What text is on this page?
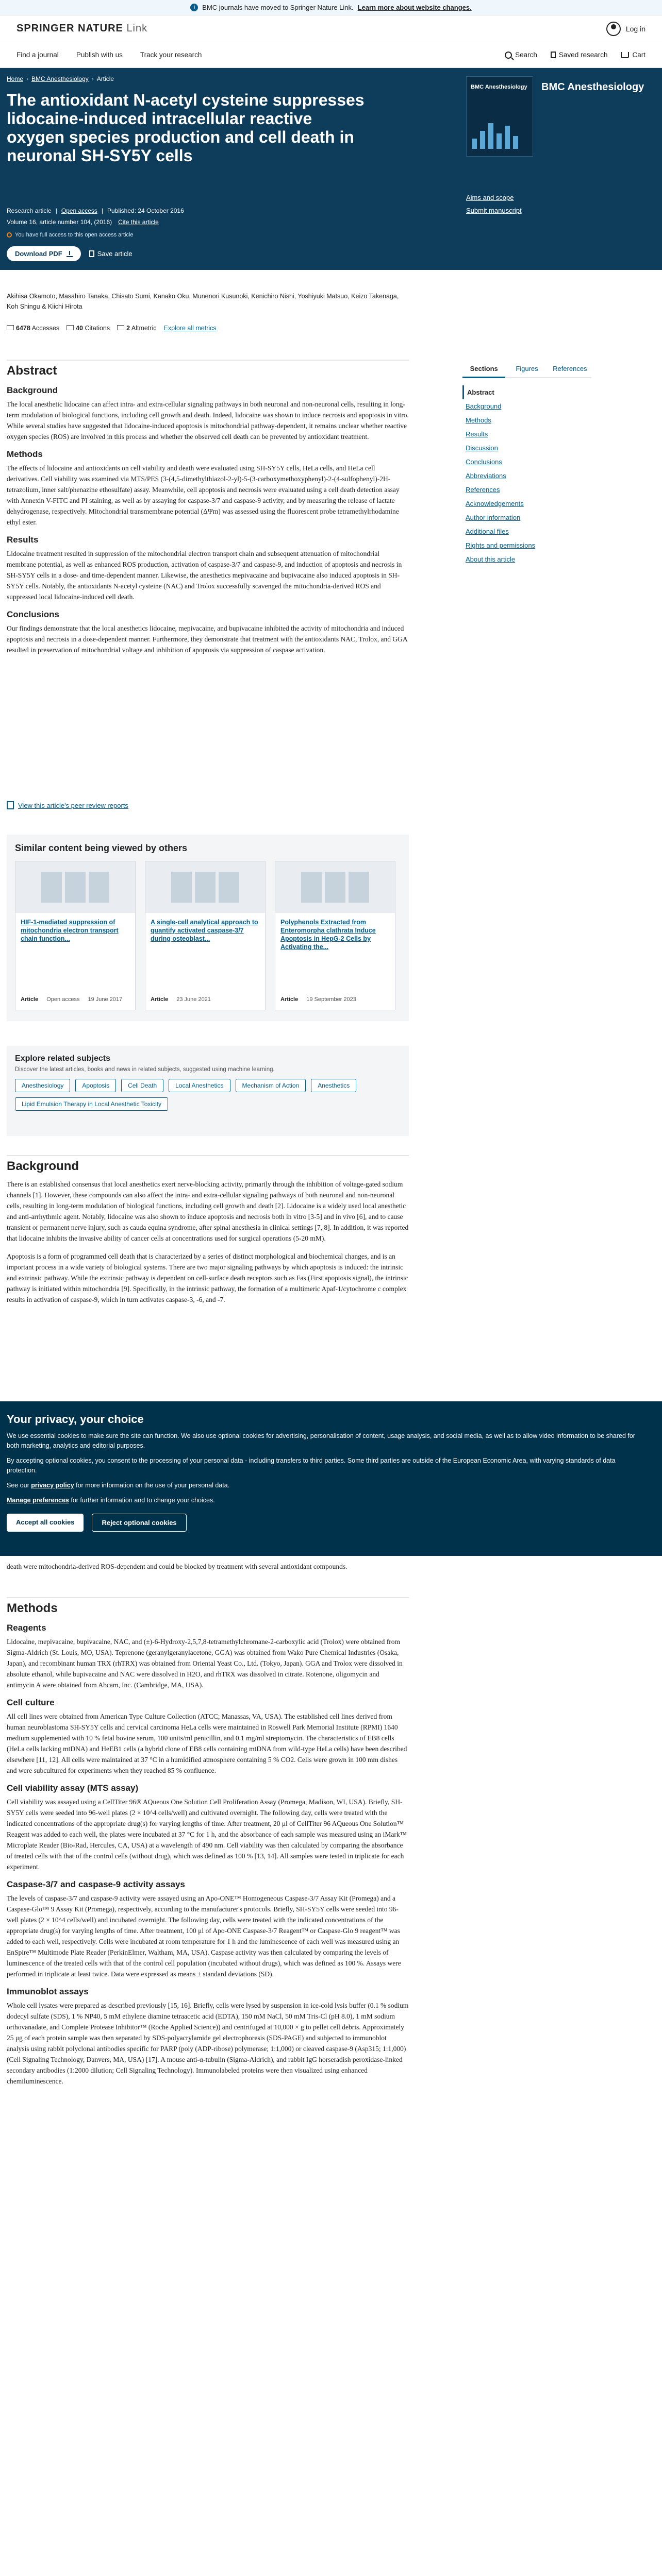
i	BMC journals have moved to Springer Nature Link. Learn more about website changes.
SPRINGER NATURE Link	Log in
Find a journal	Publish with us	Track your research	Search	Saved research	Cart
Home › BMC Anesthesiology › Article
The antioxidant N-acetyl cysteine suppresses lidocaine-induced intracellular reactive oxygen species production and cell death in neuronal SH-SY5Y cells
Research article | Open access | Published: 24 October 2016
Volume 16, article number 104, (2016) Cite this article
You have full access to this open access article
Download PDF	Save article
BMC Anesthesiology BMC Anesthesiology
Aims and scope
Submit manuscript
Akihisa Okamoto, Masahiro Tanaka, Chisato Sumi, Kanako Oku, Munenori Kusunoki, Kenichiro Nishi, Yoshiyuki Matsuo, Keizo Takenaga, Koh Shingu & Kiichi Hirota
6478 Accesses	40 Citations	2 Altmetric Explore all metrics
Abstract
Background

The local anesthetic lidocaine can affect intra- and extra-cellular signaling pathways in both neuronal and non-neuronal cells, resulting in long-term modulation of biological functions, including cell growth and death. Indeed, lidocaine was shown to induce necrosis and apoptosis in vitro. While several studies have suggested that lidocaine-induced apoptosis is mitochondrial pathway-dependent, it remains unclear whether reactive oxygen species (ROS) are involved in this process and whether the observed cell death can be prevented by antioxidant treatment.

Methods

The effects of lidocaine and antioxidants on cell viability and death were evaluated using SH-SY5Y cells, HeLa cells, and HeLa cell derivatives. Cell viability was examined via MTS/PES (3-(4,5-dimethylthiazol-2-yl)-5-(3-carboxymethoxyphenyl)-2-(4-sulfophenyl)-2H-tetrazolium, inner salt/phenazine ethosulfate) assay. Meanwhile, cell apoptosis and necrosis were evaluated using a cell death detection assay with Annexin V-FITC and PI staining, as well as by assaying for caspase-3/7 and caspase-9 activity, and by measuring the release of lactate dehydrogenase, respectively. Mitochondrial transmembrane potential (ΔΨm) was assessed using the fluorescent probe tetramethylrhodamine ethyl ester.

Results

Lidocaine treatment resulted in suppression of the mitochondrial electron transport chain and subsequent attenuation of mitochondrial membrane potential, as well as enhanced ROS production, activation of caspase-3/7 and caspase-9, and induction of apoptosis and necrosis in SH-SY5Y cells in a dose- and time-dependent manner. Likewise, the anesthetics mepivacaine and bupivacaine also induced apoptosis in SH-SY5Y cells. Notably, the antioxidants N-acetyl cysteine (NAC) and Trolox successfully scavenged the mitochondria-derived ROS and suppressed local lidocaine-induced cell death.

Conclusions

Our findings demonstrate that the local anesthetics lidocaine, mepivacaine, and bupivacaine inhibited the activity of mitochondria and induced apoptosis and necrosis in a dose-dependent manner. Furthermore, they demonstrate that treatment with the antioxidants NAC, Trolox, and GGA resulted in preservation of mitochondrial voltage and inhibition of apoptosis via suppression of caspase activation.

Sections	Figures	References
Abstract
Background
Methods
Results
Discussion
Conclusions
Abbreviations
References
Acknowledgements
Author information
Additional files
Rights and permissions
About this article
View this article's peer review reports
Similar content being viewed by others
HIF-1-mediated suppression of mitochondria electron transport chain function...
Article Open access 19 June 2017
A single-cell analytical approach to quantify activated caspase-3/7 during osteoblast...
Article 23 June 2021
Polyphenols Extracted from Enteromorpha clathrata Induce Apoptosis in HepG-2 Cells by Activating the...
Article 19 September 2023
Explore related subjects
Discover the latest articles, books and news in related subjects, suggested using machine learning.
Anesthesiology	Apoptosis	Cell Death	Local Anesthetics	Mechanism of Action	Anesthetics
Lipid Emulsion Therapy in Local Anesthetic Toxicity
Background

There is an established consensus that local anesthetics exert nerve-blocking activity, primarily through the inhibition of voltage-gated sodium channels [1]. However, these compounds can also affect the intra- and extra-cellular signaling pathways of both neuronal and non-neuronal cells, resulting in long-term modulation of biological functions, including cell growth and death [2]. Lidocaine is a widely used local anesthetic and anti-arrhythmic agent. Notably, lidocaine was also shown to induce apoptosis and necrosis both in vitro [3-5] and in vivo [6], and to cause transient or permanent nerve injury, such as cauda equina syndrome, after spinal anesthesia in clinical settings [7, 8]. In addition, it was reported that lidocaine inhibits the invasive ability of cancer cells at concentrations used for surgical operations (5-20 mM).

Apoptosis is a form of programmed cell death that is characterized by a series of distinct morphological and biochemical changes, and is an important process in a wide variety of biological systems. There are two major signaling pathways by which apoptosis is induced: the intrinsic and extrinsic pathway. While the extrinsic pathway is dependent on cell-surface death receptors such as Fas (First apoptosis signal), the intrinsic pathway is initiated within mitochondria [9]. Specifically, in the intrinsic pathway, the formation of a multimeric Apaf-1/cytochrome c complex results in activation of caspase-9, which in turn activates caspase-3, -6, and -7.

Your privacy, your choice

We use essential cookies to make sure the site can function. We also use optional cookies for advertising, personalisation of content, usage analysis, and social media, as well as to allow video information to be shared for both marketing, analytics and editorial purposes.

By accepting optional cookies, you consent to the processing of your personal data - including transfers to third parties. Some third parties are outside of the European Economic Area, with varying standards of data protection.

See our privacy policy for more information on the use of your personal data.

Manage preferences for further information and to change your choices.

Accept all cookies	Reject optional cookies

death were mitochondria-derived ROS-dependent and could be blocked by treatment with several antioxidant compounds.

Methods
Reagents

Lidocaine, mepivacaine, bupivacaine, NAC, and (±)-6-Hydroxy-2,5,7,8-tetramethylchromane-2-carboxylic acid (Trolox) were obtained from Sigma-Aldrich (St. Louis, MO, USA). Teprenone (geranylgeranylacetone, GGA) was obtained from Wako Pure Chemical Industries (Osaka, Japan), and recombinant human TRX (rhTRX) was obtained from Oriental Yeast Co., Ltd. (Tokyo, Japan). GGA and Trolox were dissolved in absolute ethanol, while bupivacaine and NAC were dissolved in H2O, and rhTRX was dissolved in citrate. Rotenone, oligomycin and antimycin A were obtained from Abcam, Inc. (Cambridge, MA, USA).

Cell culture

All cell lines were obtained from American Type Culture Collection (ATCC; Manassas, VA, USA). The established cell lines derived from human neuroblastoma SH-SY5Y cells and cervical carcinoma HeLa cells were maintained in Roswell Park Memorial Institute (RPMI) 1640 medium supplemented with 10 % fetal bovine serum, 100 units/ml penicillin, and 0.1 mg/ml streptomycin. The characteristics of EB8 cells (HeLa cells lacking mtDNA) and HeEB1 cells (a hybrid clone of EB8 cells containing mtDNA from wild-type HeLa cells) have been described elsewhere [11, 12]. All cells were maintained at 37 °C in a humidified atmosphere containing 5 % CO2. Cells were grown in 100 mm dishes and were subcultured for experiments when they reached 85 % confluence.

Cell viability assay (MTS assay)

Cell viability was assayed using a CellTiter 96® AQueous One Solution Cell Proliferation Assay (Promega, Madison, WI, USA). Briefly, SH-SY5Y cells were seeded into 96-well plates (2 × 10^4 cells/well) and cultivated overnight. The following day, cells were treated with the indicated concentrations of the appropriate drug(s) for varying lengths of time. After treatment, 20 μl of CellTiter 96 AQueous One Solution™ Reagent was added to each well, the plates were incubated at 37 °C for 1 h, and the absorbance of each sample was measured using an iMark™ Microplate Reader (Bio-Rad, Hercules, CA, USA) at a wavelength of 490 nm. Cell viability was then calculated by comparing the absorbance of treated cells with that of the control cells (without drug), which was defined as 100 % [13, 14]. All samples were tested in triplicate for each experiment.

Caspase-3/7 and caspase-9 activity assays

The levels of caspase-3/7 and caspase-9 activity were assayed using an Apo-ONE™ Homogeneous Caspase-3/7 Assay Kit (Promega) and a Caspase-Glo™ 9 Assay Kit (Promega), respectively, according to the manufacturer's protocols. Briefly, SH-SY5Y cells were seeded into 96-well plates (2 × 10^4 cells/well) and incubated overnight. The following day, cells were treated with the indicated concentrations of the appropriate drug(s) for varying lengths of time. After treatment, 100 μl of Apo-ONE Caspase-3/7 Reagent™ or Caspase-Glo 9 reagent™ was added to each well, respectively. Cells were incubated at room temperature for 1 h and the luminescence of each well was measured using an EnSpire™ Multimode Plate Reader (PerkinElmer, Waltham, MA, USA). Caspase activity was then calculated by comparing the levels of luminescence of the treated cells with that of the control cell population (incubated without drugs), which was defined as 100 %. Assays were performed in triplicate at least twice. Data were expressed as means ± standard deviations (SD).

Immunoblot assays

Whole cell lysates were prepared as described previously [15, 16]. Briefly, cells were lysed by suspension in ice-cold lysis buffer (0.1 % sodium dodecyl sulfate (SDS), 1 % NP40, 5 mM ethylene diamine tetraacetic acid (EDTA), 150 mM NaCl, 50 mM Tris-Cl (pH 8.0), 1 mM sodium orthovanadate, and Complete Protease Inhibitor™ (Roche Applied Science)) and centrifuged at 10,000 × g to pellet cell debris. Approximately 25 μg of each protein sample was then separated by SDS-polyacrylamide gel electrophoresis (SDS-PAGE) and subjected to immunoblot analysis using rabbit polyclonal antibodies specific for PARP (poly (ADP-ribose) polymerase; 1:1,000) or cleaved caspase-9 (Asp315; 1:1,000) (Cell Signaling Technology, Danvers, MA, USA) [17]. A mouse anti-α-tubulin (Sigma-Aldrich), and rabbit IgG horseradish peroxidase-linked secondary antibodies (1:2000 dilution; Cell Signaling Technology). Immunolabeled proteins were then visualized using enhanced chemiluminescence.
